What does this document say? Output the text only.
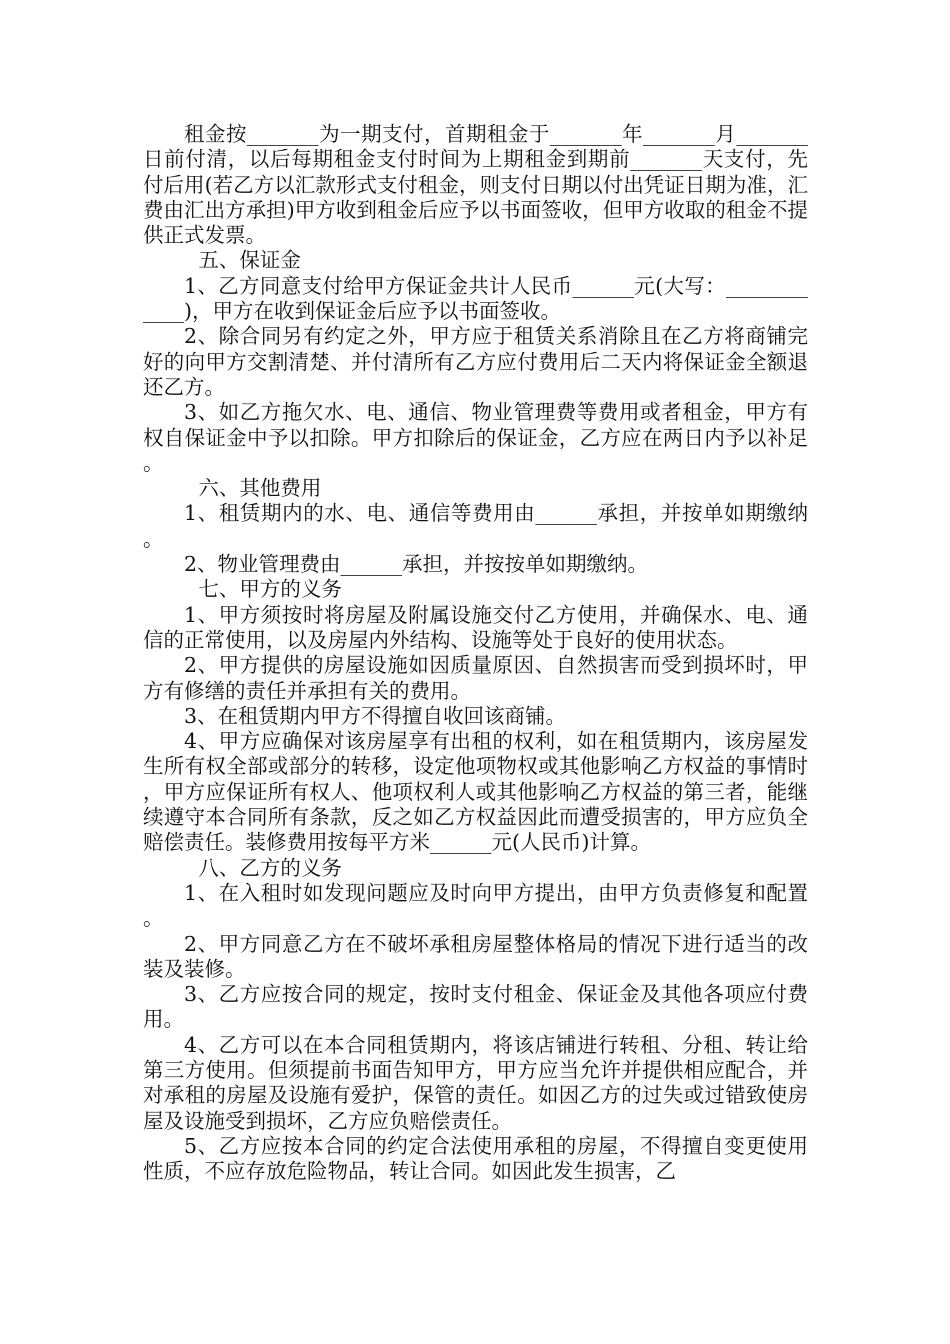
租金按_______为一期支付，首期租金于_______年_______月_______日前付清，以后每期租金支付时间为上期租金到期前_______天支付，先付后用(若乙方以汇款形式支付租金，则支付日期以付出凭证日期为准，汇费由汇出方承担)甲方收到租金后应予以书面签收，但甲方收取的租金不提供正式发票。

五、保证金

1、乙方同意支付给甲方保证金共计人民币______元(大写：____________)，甲方在收到保证金后应予以书面签收。

2、除合同另有约定之外，甲方应于租赁关系消除且在乙方将商铺完好的向甲方交割清楚、并付清所有乙方应付费用后二天内将保证金全额退还乙方。

3、如乙方拖欠水、电、通信、物业管理费等费用或者租金，甲方有权自保证金中予以扣除。甲方扣除后的保证金，乙方应在两日内予以补足。

六、其他费用

1、租赁期内的水、电、通信等费用由______承担，并按单如期缴纳。

2、物业管理费由______承担，并按按单如期缴纳。

七、甲方的义务

1、甲方须按时将房屋及附属设施交付乙方使用，并确保水、电、通信的正常使用，以及房屋内外结构、设施等处于良好的使用状态。

2、甲方提供的房屋设施如因质量原因、自然损害而受到损坏时，甲方有修缮的责任并承担有关的费用。

3、在租赁期内甲方不得擅自收回该商铺。

4、甲方应确保对该房屋享有出租的权利，如在租赁期内，该房屋发生所有权全部或部分的转移，设定他项物权或其他影响乙方权益的事情时，甲方应保证所有权人、他项权利人或其他影响乙方权益的第三者，能继续遵守本合同所有条款，反之如乙方权益因此而遭受损害的，甲方应负全赔偿责任。装修费用按每平方米______元(人民币)计算。

八、乙方的义务

1、在入租时如发现问题应及时向甲方提出，由甲方负责修复和配置。

2、甲方同意乙方在不破坏承租房屋整体格局的情况下进行适当的改装及装修。

3、乙方应按合同的规定，按时支付租金、保证金及其他各项应付费用。

4、乙方可以在本合同租赁期内，将该店铺进行转租、分租、转让给第三方使用。但须提前书面告知甲方，甲方应当允许并提供相应配合，并对承租的房屋及设施有爱护，保管的责任。如因乙方的过失或过错致使房屋及设施受到损坏，乙方应负赔偿责任。

5、乙方应按本合同的约定合法使用承租的房屋，不得擅自变更使用性质，不应存放危险物品，转让合同。如因此发生损害，乙
